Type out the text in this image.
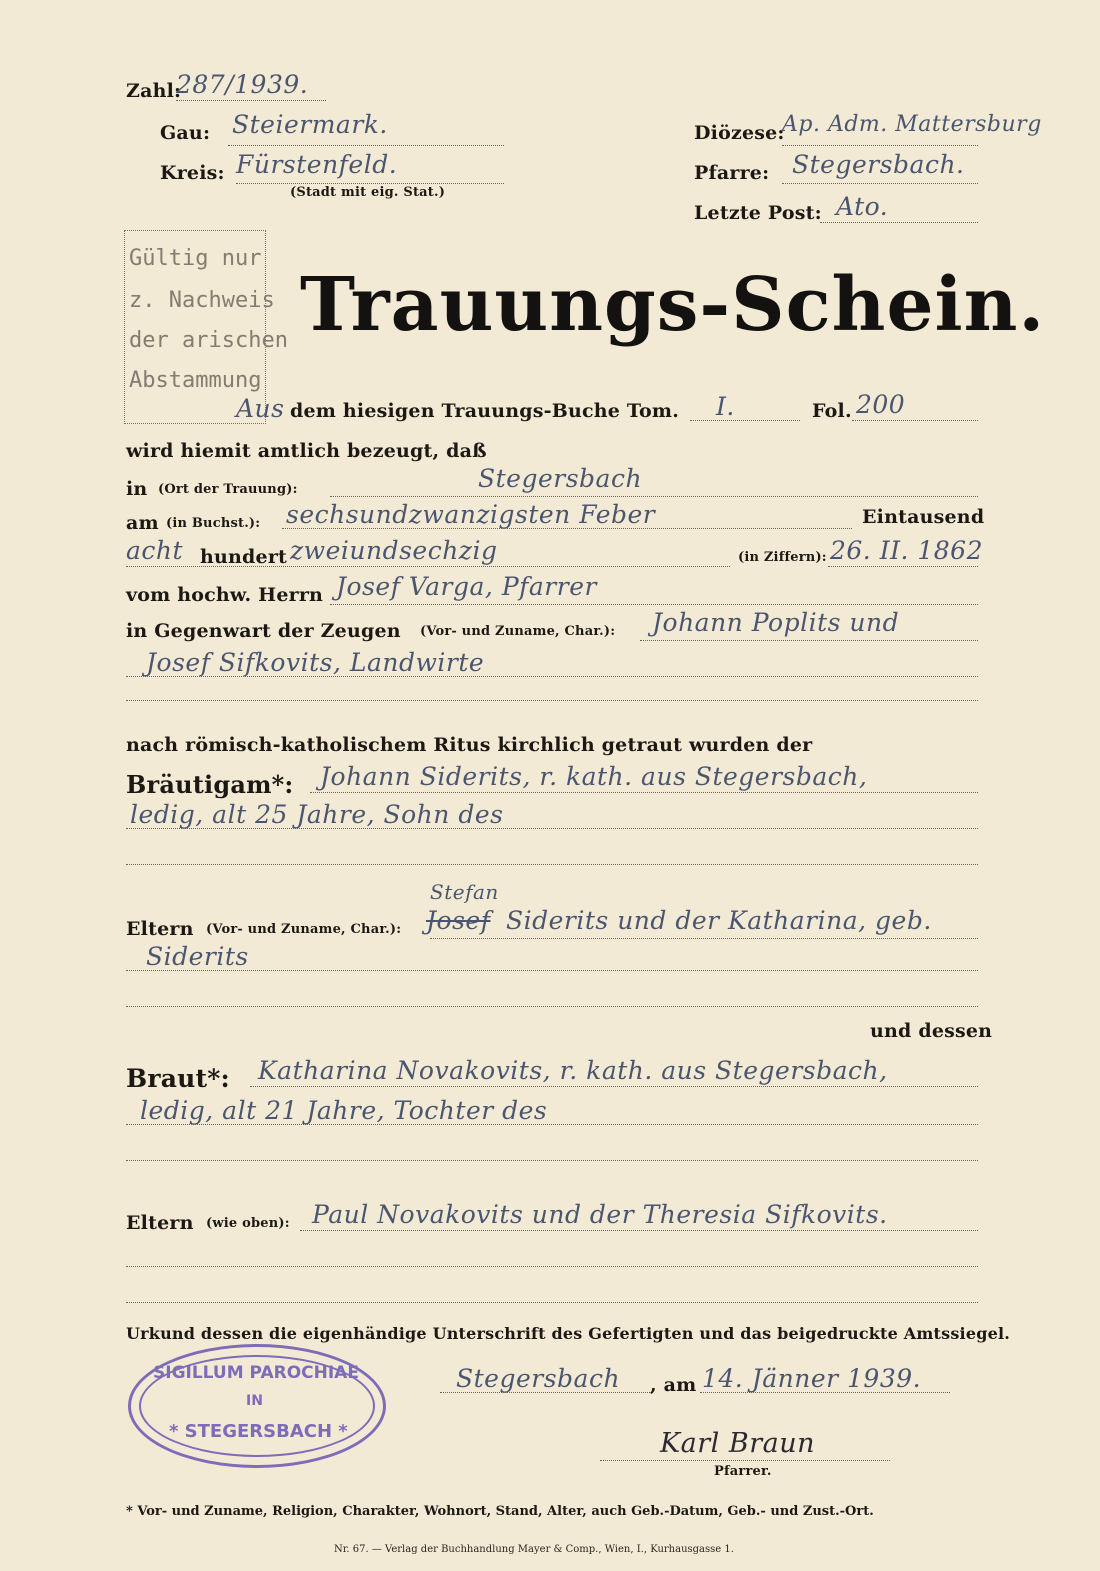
Zahl:
287/1939.
Gau: Steiermark.
Kreis: Fürstenfeld.
(Stadt mit eig. Stat.)
Diözese:
Ap. Adm. Mattersburg
Pfarre: Stegersbach.
Letzte Post: Ato.
Gültig nur
z. Nachweis
der arischen
Abstammung
Trauungs-Schein.
Aus dem hiesigen Trauungs-Buche Tom. I.	Fol. 200
wird hiemit amtlich bezeugt, daß
in (Ort der Trauung):	Stegersbach
am (in Buchst.): sechsundzwanzigsten Feber	Eintausend
acht hundert zweiundsechzig	(in Ziffern): 26. II. 1862
vom hochw. Herrn Josef Varga, Pfarrer
in Gegenwart der Zeugen (Vor- und Zuname, Char.): Johann Poplits und
Josef Sifkovits, Landwirte
nach römisch-katholischem Ritus kirchlich getraut wurden der
Bräutigam*: Johann Siderits, r. kath. aus Stegersbach,
ledig, alt 25 Jahre, Sohn des
Eltern (Vor- und Zuname, Char.):
Stefan
Josef Siderits und der Katharina, geb.
Siderits
und dessen
Braut*: Katharina Novakovits, r. kath. aus Stegersbach,
ledig, alt 21 Jahre, Tochter des
Eltern (wie oben): Paul Novakovits und der Theresia Sifkovits.
Urkund dessen die eigenhändige Unterschrift des Gefertigten und das beigedruckte Amtssiegel.
SIGILLUM PAROCHIAE
IN
* STEGERSBACH *
Stegersbach , am 14. Jänner 1939.
Karl Braun
Pfarrer.
* Vor- und Zuname, Religion, Charakter, Wohnort, Stand, Alter, auch Geb.-Datum, Geb.- und Zust.-Ort.
Nr. 67. — Verlag der Buchhandlung Mayer & Comp., Wien, I., Kurhausgasse 1.
